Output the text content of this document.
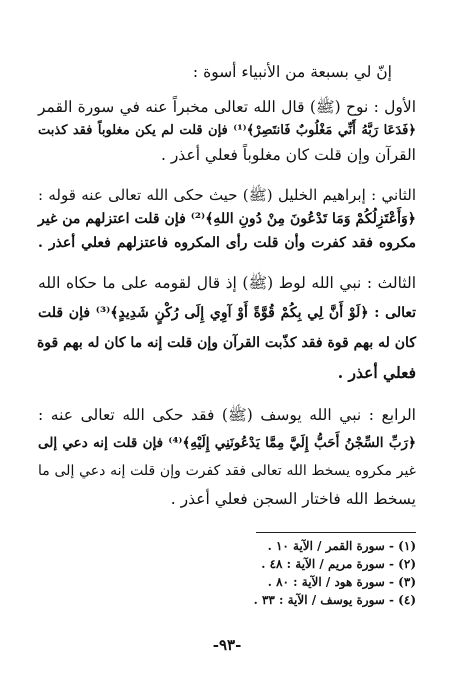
إنّ لي بسبعة من الأنبياء أسوة :
الأول : نوح (ﷺ) قال الله تعالى مخبراً عنه في سورة القمر
﴿فَدَعَا رَبَّهُ أَنِّي مَغْلُوبٌ فَانتَصِرْ﴾⁽¹⁾ فإن قلت لم يكن مغلوباً فقد كذبت
القرآن وإن قلت كان مغلوباً فعلي أعذر .
الثاني : إبراهيم الخليل (ﷺ) حيث حكى الله تعالى عنه قوله :
﴿وَأَعْتَزِلُكُمْ وَمَا تَدْعُونَ مِنْ دُونِ اللهِ﴾⁽²⁾ فإن قلت اعتزلهم من غير
مكروه فقد كفرت وأن قلت رأى المكروه فاعتزلهم فعلي أعذر .
الثالث : نبي الله لوط (ﷺ) إذ قال لقومه على ما حكاه الله
تعالى : ﴿لَوْ أَنَّ لِي بِكُمْ قُوَّةً أَوْ آوِي إِلَى رُكْنٍ شَدِيدٍ﴾⁽³⁾ فإن قلت
كان له بهم قوة فقد كذّبت القرآن وإن قلت إنه ما كان له بهم قوة
فعلي أعذر .
الرابع : نبي الله يوسف (ﷺ) فقد حكى الله تعالى عنه :
﴿رَبِّ السِّجْنُ أَحَبُّ إِلَيَّ مِمَّا يَدْعُونَنِي إِلَيْهِ﴾⁽⁴⁾ فإن قلت إنه دعي إلى
غير مكروه يسخط الله تعالى فقد كفرت وإن قلت إنه دعي إلى ما
يسخط الله فاختار السجن فعلي أعذر .
(١) - سورة القمر / الآية ١٠ .
(٢) - سورة مريم / الآية : ٤٨ .
(٣) - سورة هود / الآية : ٨٠ .
(٤) - سورة يوسف / الآية : ٣٣ .
-٩٣-
